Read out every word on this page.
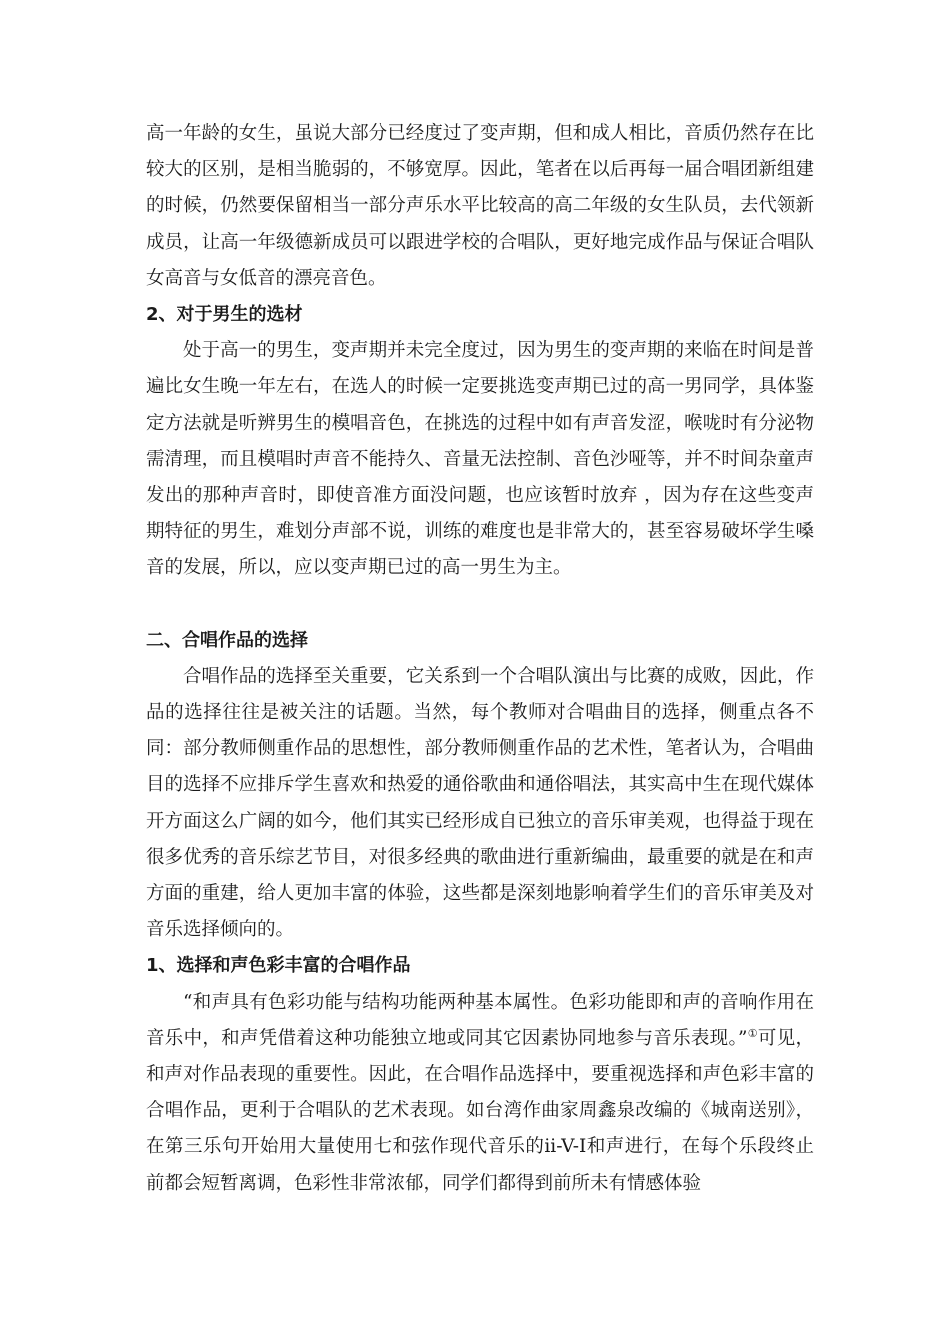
高一年龄的女生，虽说大部分已经度过了变声期，但和成人相比，音质仍然存在比较大的区别，是相当脆弱的，不够宽厚。因此，笔者在以后再每一届合唱团新组建的时候，仍然要保留相当一部分声乐水平比较高的高二年级的女生队员，去代领新成员，让高一年级德新成员可以跟进学校的合唱队，更好地完成作品与保证合唱队女高音与女低音的漂亮音色。

2、对于男生的选材

处于高一的男生，变声期并未完全度过，因为男生的变声期的来临在时间是普遍比女生晚一年左右，在选人的时候一定要挑选变声期已过的高一男同学，具体鉴定方法就是听辨男生的模唱音色，在挑选的过程中如有声音发涩，喉咙时有分泌物需清理，而且模唱时声音不能持久、音量无法控制、音色沙哑等，并不时间杂童声发出的那种声音时，即使音准方面没问题，也应该暂时放弃 ，因为存在这些变声期特征的男生，难划分声部不说，训练的难度也是非常大的，甚至容易破坏学生嗓音的发展，所以，应以变声期已过的高一男生为主。

二、合唱作品的选择

合唱作品的选择至关重要，它关系到一个合唱队演出与比赛的成败，因此，作品的选择往往是被关注的话题。当然，每个教师对合唱曲目的选择，侧重点各不同：部分教师侧重作品的思想性，部分教师侧重作品的艺术性，笔者认为，合唱曲目的选择不应排斥学生喜欢和热爱的通俗歌曲和通俗唱法，其实高中生在现代媒体开方面这么广阔的如今，他们其实已经形成自已独立的音乐审美观，也得益于现在很多优秀的音乐综艺节目，对很多经典的歌曲进行重新编曲，最重要的就是在和声方面的重建，给人更加丰富的体验，这些都是深刻地影响着学生们的音乐审美及对音乐选择倾向的。

1、选择和声色彩丰富的合唱作品

“和声具有色彩功能与结构功能两种基本属性。色彩功能即和声的音响作用在音乐中，和声凭借着这种功能独立地或同其它因素协同地参与音乐表现。”①可见，和声对作品表现的重要性。因此，在合唱作品选择中，要重视选择和声色彩丰富的合唱作品，更利于合唱队的艺术表现。如台湾作曲家周鑫泉改编的《城南送别》，在第三乐句开始用大量使用七和弦作现代音乐的ii-V-I和声进行，在每个乐段终止前都会短暂离调，色彩性非常浓郁，同学们都得到前所未有情感体验
